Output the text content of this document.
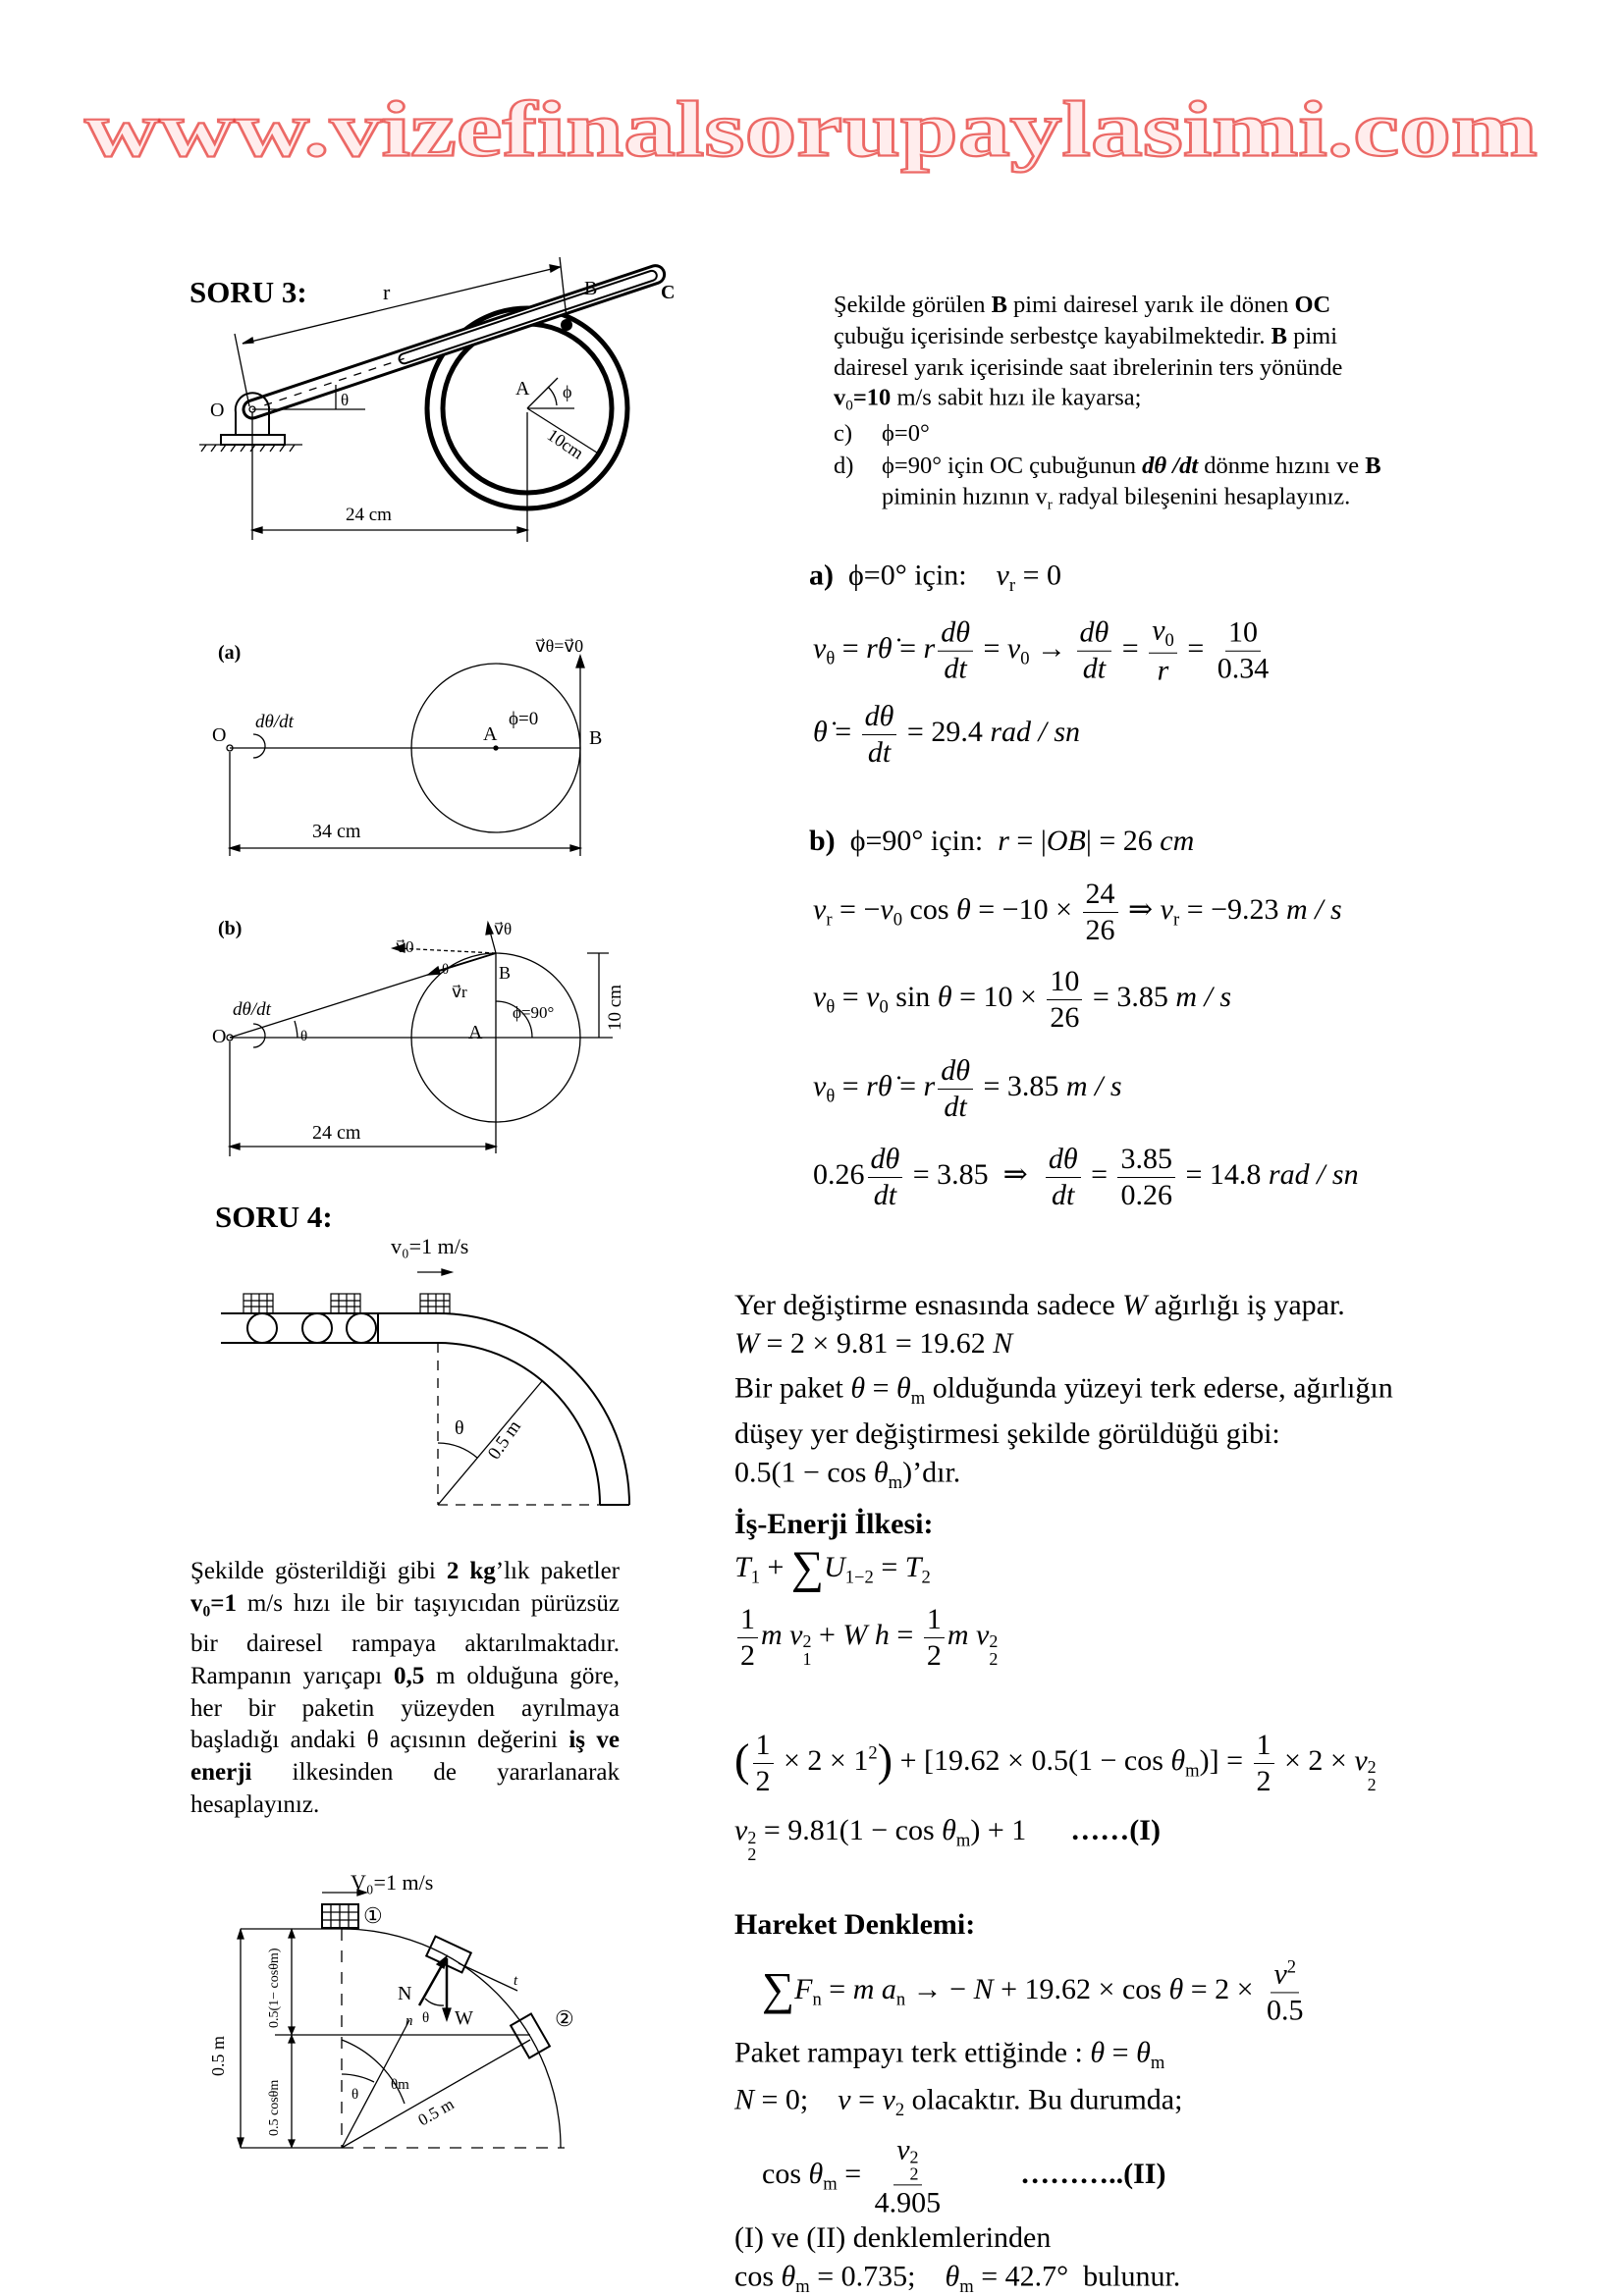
SORU 3:
SORU 4:
Şekilde görülen B pimi dairesel yarık ile dönen OC
çubuğu içerisinde serbestçe kayabilmektedir. B pimi
dairesel yarık içerisinde saat ibrelerinin ters yönünde
$v_0=10$ m/s sabit hızı ile kayarsa;
c) ϕ=0°
d) ϕ=90° için OC çubuğunun dθ /dt dönme hızını ve B
piminin hızının $v_r$ radyal bileşenini hesaplayınız.
a)  ϕ=0° için:    $v_r = 0$
$v_\theta$ = rθ̇ = r $\frac{d\theta}{dt} = v_0 \to \frac{d\theta}{dt} = \frac{v_0}{r} = \frac{10}{0.34}$
θ̇ = $\frac{d\theta}{dt} = 29.4$ rad / sn
b)  ϕ=90° için:  r = |OB| = 26 cm
$v_r = -v_0$ $\cos \theta = -10 \times \frac{24}{26}$ ⇒ $v_r = -9.23$ m / s
$v_\theta = v_0$ $\sin \theta = 10 \times \frac{10}{26} = 3.85$ m / s
$v_\theta$ = rθ̇ = r $\frac{d\theta}{dt} = 3.85$ m / s
$0.26 \frac{d\theta}{dt} = 3.85$  ⇒ $\frac{d\theta}{dt} = \frac{3.85}{0.26} = 14.8$ rad / sn
Şekilde gösterildiği gibi 2 kg’lık paketler $v_0=1$ m/s hızı ile bir taşıyıcıdan pürüzsüz bir dairesel rampaya aktarılmaktadır. Rampanın yarıçapı 0,5 m olduğuna göre, her bir paketin yüzeyden ayrılmaya başladığı andaki θ açısının değerini iş ve enerji ilkesinden de yararlanarak hesaplayınız.
Yer değiştirme esnasında sadece W ağırlığı iş yapar.
W = 2 × 9.81 = 19.62 N
Bir paket $\theta = \theta_m$ olduğunda yüzeyi terk ederse, ağırlığın
düşey yer değiştirmesi şekilde görüldüğü gibi:
$0.5(1 - \cos \theta_m)’dır$.
İş-Enerji İlkesi:
$T_1 + \sum U_{1-2} = T_2$
$\frac{1}{2}$ m v 2
1
+ W $h = \frac{1}{2}$ m v 2
2
( $\frac{1}{2} \times 2 \times 1^2) + [19.62 \times 0.5(1 - \cos \theta_m)] = \frac{1}{2} \times 2 \times v$ 2
2
v 2
2
= $9.81(1 - \cos \theta_m) + 1$      ……(I)
Hareket Denklemi:
$\sum F_n = m$ $a_n$ → − $N + 19.62 \times \cos \theta = 2 \times \frac{v^2}{0.5}$
Paket rampayı terk ettiğinde : $\theta = \theta_m$
N = 0;    $v = v_2$ olacaktır. Bu durumda;
$\cos \theta_m = v$ 2
2
4.905	………..(II)
(I) ve (II) denklemlerinden
$\cos \theta_m = 0.735$;    $\theta_m = 42.7^\circ$  bulunur.
r	B	C
O
A ϕ
θ
10cm
24 cm
(a)	v⃗θ=v⃗0
dθ/dt
O	A
ϕ=0
B
34 cm
(b)
v⃗0
v⃗θ
θ
v⃗r
B
dθ/dt
O	θ	A
ϕ=90°	10 cm
24 cm
v₀=1 m/s
θ 0.5 m
V₀=1 m/s
①
N
n θ W
t
②
0.5(1− cosθm)
0.5 cosθm
0.5 m
θ
θm
0.5 m
www.vizefinalsorupaylasimi.com
